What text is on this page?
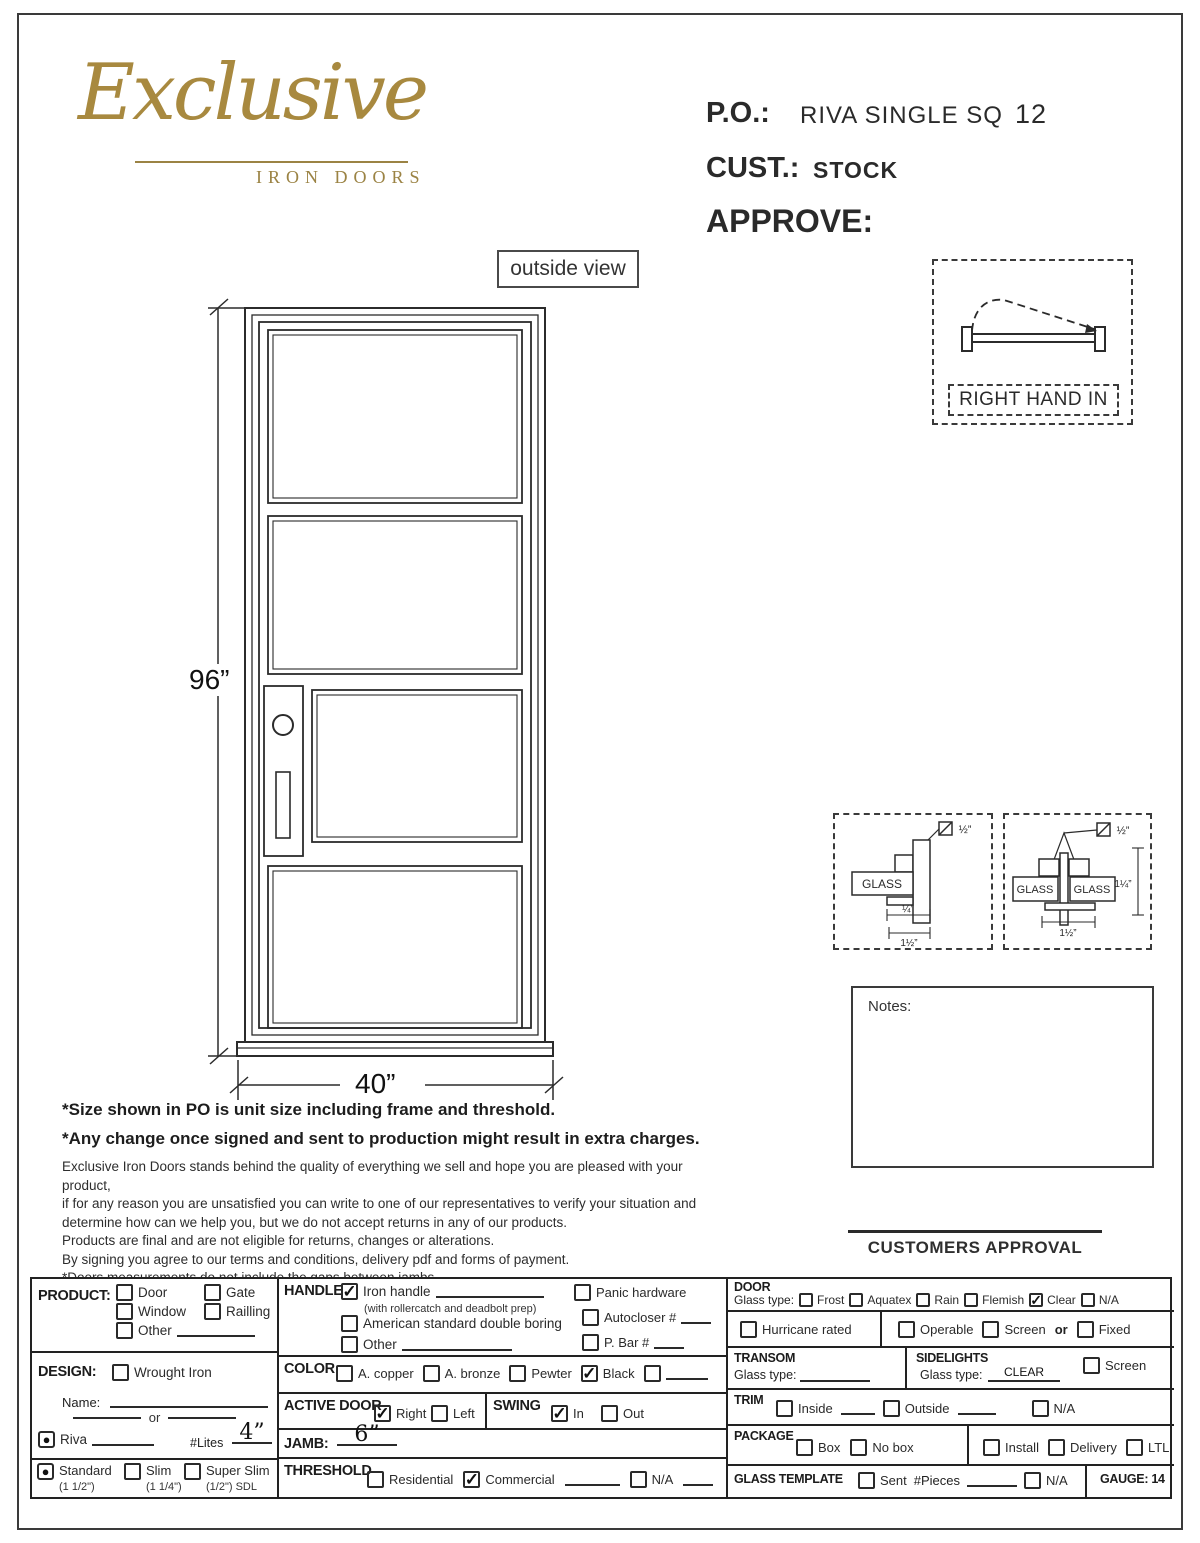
Exclusive
IRON DOORS
P.O.: RIVA SINGLE SQ 12
CUST.: STOCK
APPROVE:
outside view
96”
40”
RIGHT HAND IN
GLASS
½”
¼”
1½”
GLASS GLASS
½”
1¼”
1½”
Notes:
CUSTOMERS APPROVAL
*Size shown in PO is unit size including frame and threshold.
*Any change once signed and sent to production might result in extra charges.
Exclusive Iron Doors stands behind the quality of everything we sell and hope you are pleased with your product,
if for any reason you are unsatisfied you can write to one of our representatives to verify your situation and
determine how can we help you, but we do not accept returns in any of our products.
Products are final and are not eligible for returns, changes or alterations.
By signing you agree to our terms and conditions, delivery pdf and forms of payment.
PRODUCT: Door	Gate
Window	Railling
Other
DESIGN:	Wrought Iron
Name:
or
● Riva	#Lites 4”
● Standard
(1 1/2")
Slim
(1 1/4")
Super Slim
(1/2") SDL
HANDLE ✓ Iron handle
(with rollercatch and deadbolt prep)
American standard double boring
Other
Panic hardware
Autocloser #
P. Bar #
COLOR A. copper A. bronze Pewter ✓ Black
ACTIVE DOOR
✓ Right Left SWING ✓ In	Out
JAMB:	6”
THRESHOLD
Residential ✓ Commercial	N/A
DOOR
Glass type: Frost Aquatex Rain Flemish ✓ Clear N/A
Hurricane rated	Operable Screen or Fixed
TRANSOM
Glass type:
SIDELIGHTS
Glass type:	CLEAR	Screen
TRIM
Inside	Outside	N/A
PACKAGE
Box No box	Install Delivery LTL
GLASS TEMPLATE	Sent #Pieces	N/A	GAUGE: 14
